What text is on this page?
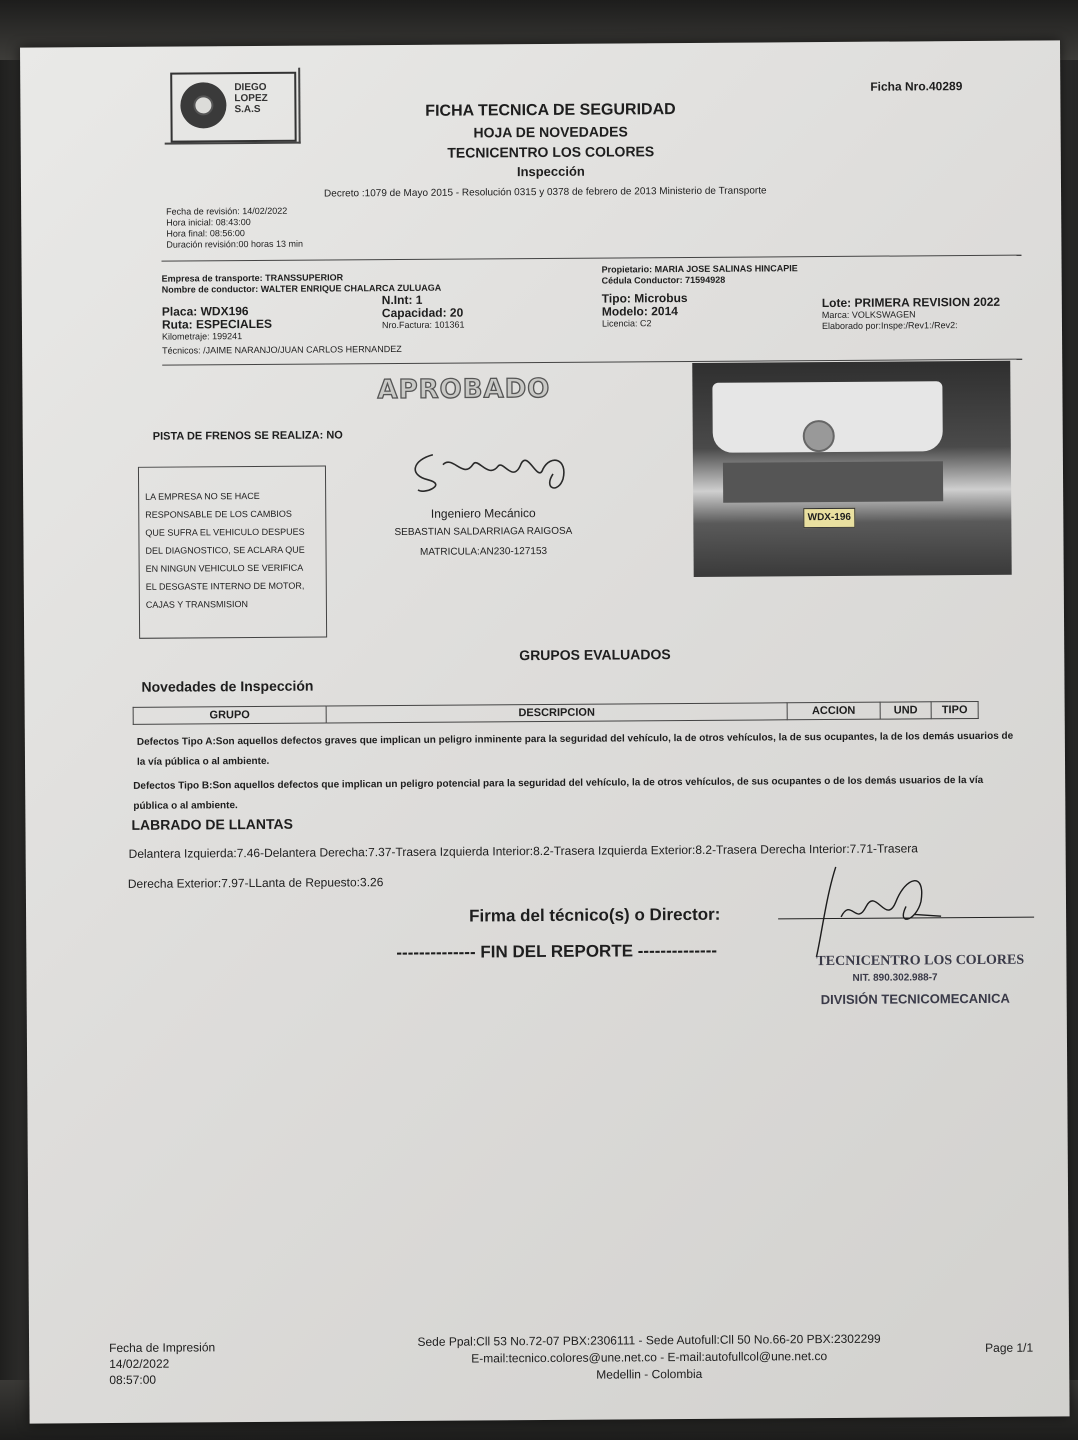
DIEGO
LOPEZ
S.A.S
Ficha Nro.40289
FICHA TECNICA DE SEGURIDAD
HOJA DE NOVEDADES
TECNICENTRO LOS COLORES
Inspección
Fecha de revisión: 14/02/2022
Hora inicial: 08:43:00
Hora final: 08:56:00
Duración revisión:00 horas 13 min
Decreto :1079 de Mayo 2015 - Resolución 0315 y 0378 de febrero de 2013 Ministerio de Transporte
Empresa de transporte: TRANSSUPERIOR
Nombre de conductor: WALTER ENRIQUE CHALARCA ZULUAGA
Placa: WDX196
Ruta: ESPECIALES
Kilometraje: 199241
Técnicos: /JAIME NARANJO/JUAN CARLOS HERNANDEZ
N.Int: 1
Capacidad: 20
Nro.Factura: 101361
Propietario: MARIA JOSE SALINAS HINCAPIE
Cédula Conductor: 71594928
Tipo: Microbus
Modelo: 2014
Licencia: C2
Lote: PRIMERA REVISION 2022
Marca: VOLKSWAGEN
Elaborado por:Inspe:/Rev1:/Rev2:
APROBADO
PISTA DE FRENOS SE REALIZA: NO
LA EMPRESA NO SE HACE
RESPONSABLE DE LOS CAMBIOS
QUE SUFRA EL VEHICULO DESPUES
DEL DIAGNOSTICO, SE ACLARA QUE
EN NINGUN VEHICULO SE VERIFICA
EL DESGASTE INTERNO DE MOTOR,
CAJAS Y TRANSMISION
Ingeniero Mecánico
SEBASTIAN SALDARRIAGA RAIGOSA
MATRICULA:AN230-127153
WDX-196
GRUPOS EVALUADOS
Novedades de Inspección
GRUPO	DESCRIPCION	ACCION	UND	TIPO
Defectos Tipo A:Son aquellos defectos graves que implican un peligro inminente para la seguridad del vehículo, la de otros vehículos, la de sus ocupantes, la de los demás usuarios de la vía pública o al ambiente.
Defectos Tipo B:Son aquellos defectos que implican un peligro potencial para la seguridad del vehículo, la de otros vehículos, de sus ocupantes o de los demás usuarios de la vía pública o al ambiente.
LABRADO DE LLANTAS
Delantera Izquierda:7.46-Delantera Derecha:7.37-Trasera Izquierda Interior:8.2-Trasera Izquierda Exterior:8.2-Trasera Derecha Interior:7.71-Trasera
Derecha Exterior:7.97-LLanta de Repuesto:3.26
Firma del técnico(s) o Director:
-------------- FIN DEL REPORTE --------------	TECNICENTRO LOS COLORES
NIT. 890.302.988-7
DIVISIÓN TECNICOMECANICA
Fecha de Impresión
14/02/2022
08:57:00
Sede Ppal:Cll 53 No.72-07 PBX:2306111 - Sede Autofull:Cll 50 No.66-20 PBX:2302299
E-mail:tecnico.colores@une.net.co - E-mail:autofullcol@une.net.co
Medellin - Colombia
Page 1/1
